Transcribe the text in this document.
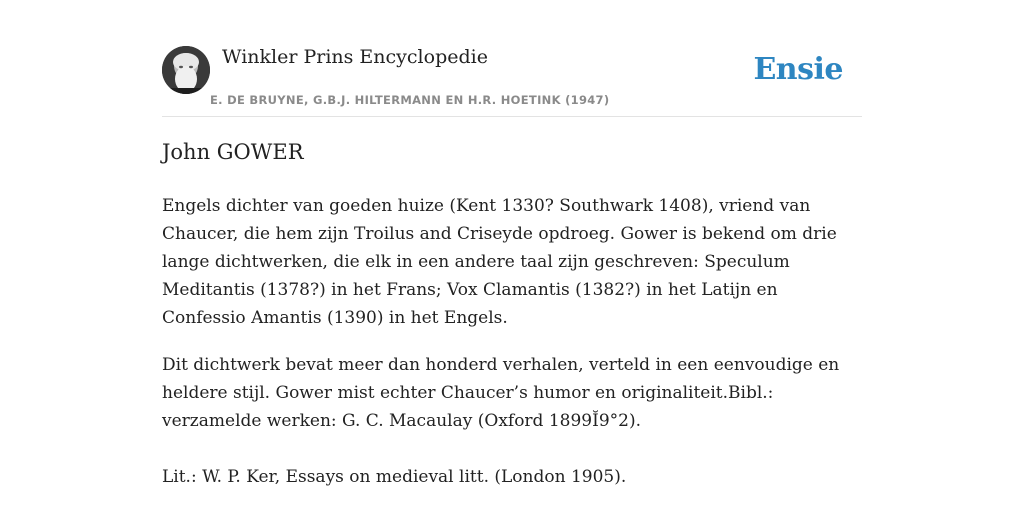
Winkler Prins Encyclopedie
E. DE BRUYNE, G.B.J. HILTERMANN EN H.R. HOETINK (1947)
Ensie
John GOWER

Engels dichter van goeden huize (Kent 1330? Southwark 1408), vriend van Chaucer, die hem zijn Troilus and Criseyde opdroeg. Gower is bekend om drie lange dichtwerken, die elk in een andere taal zijn geschreven: Speculum Meditantis (1378?) in het Frans; Vox Clamantis (1382?) in het Latijn en Confessio Amantis (1390) in het Engels.

Dit dichtwerk bevat meer dan honderd verhalen, verteld in een eenvoudige en heldere stijl. Gower mist echter Chaucer’s humor en originaliteit.Bibl.: verzamelde werken: G. C. Macaulay (Oxford 1899Ĭ9°2).

Lit.: W. P. Ker, Essays on medieval litt. (London 1905).
